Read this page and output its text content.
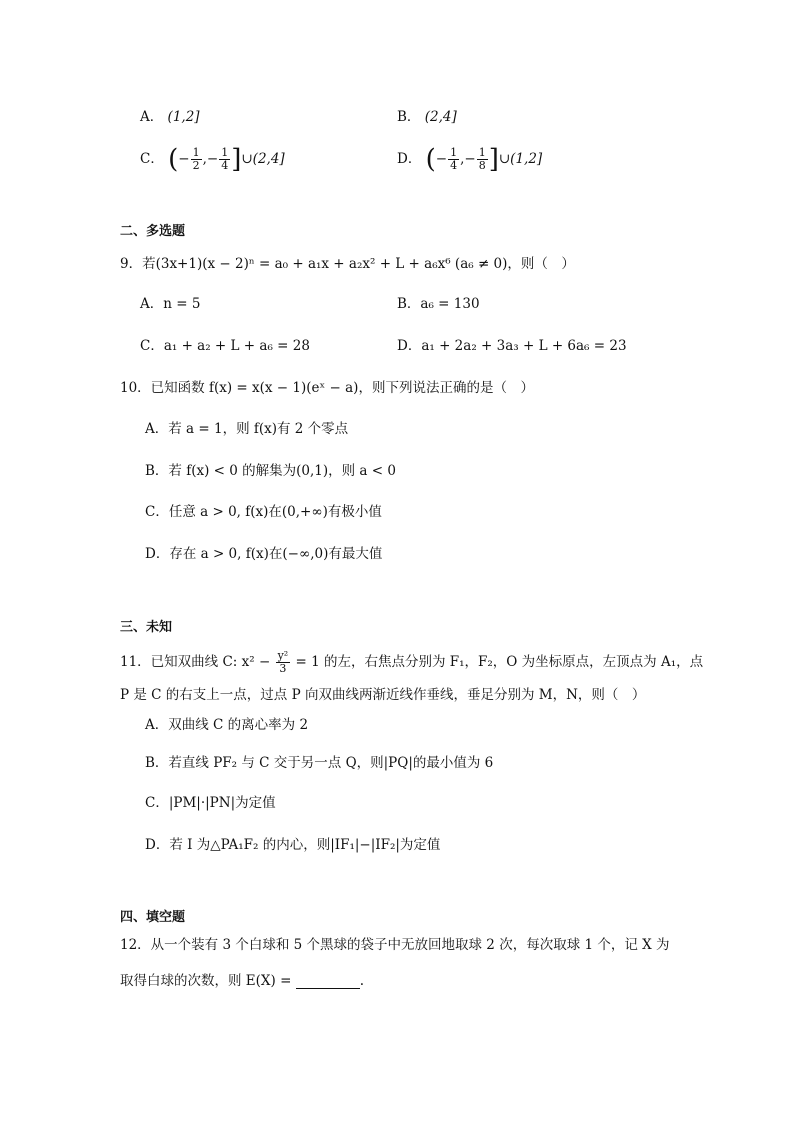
A． (1,2]	B． (2,4]
C． (− $\frac{1}{2}$ ,− $\frac{1}{4}$ ]∪(2,4]	D． (− $\frac{1}{4}$ ,− $\frac{1}{8}$ ]∪(1,2]
二、多选题
9．若(3x+1)(x − 2)ⁿ = a₀ + a₁x + a₂x² + L + a₆x⁶ (a₆ ≠ 0)，则（　）
A．n = 5	B．a₆ = 130
C．a₁ + a₂ + L + a₆ = 28	D．a₁ + 2a₂ + 3a₃ + L + 6a₆ = 23
10．已知函数 f(x) = x(x − 1)(eˣ − a)，则下列说法正确的是（　）
A．若 a = 1，则 f(x)有 2 个零点
B．若 f(x) < 0 的解集为(0,1)，则 a < 0
C．任意 a > 0, f(x)在(0,+∞)有极小值
D．存在 a > 0, f(x)在(−∞,0)有最大值
三、未知
11．已知双曲线 C: $x^2 - \frac{\text{y²}}{3} = 1$ 的左，右焦点分别为 F₁，F₂，O 为坐标原点，左顶点为 A₁，点
P 是 C 的右支上一点，过点 P 向双曲线两渐近线作垂线，垂足分别为 M，N，则（　）
A．双曲线 C 的离心率为 2
B．若直线 PF₂ 与 C 交于另一点 Q，则|PQ|的最小值为 6
C．|PM|·|PN|为定值
D．若 I 为△PA₁F₂ 的内心，则|IF₁|−|IF₂|为定值
四、填空题
12．从一个装有 3 个白球和 5 个黑球的袋子中无放回地取球 2 次，每次取球 1 个，记 X 为
取得白球的次数，则 E(X) =	.
